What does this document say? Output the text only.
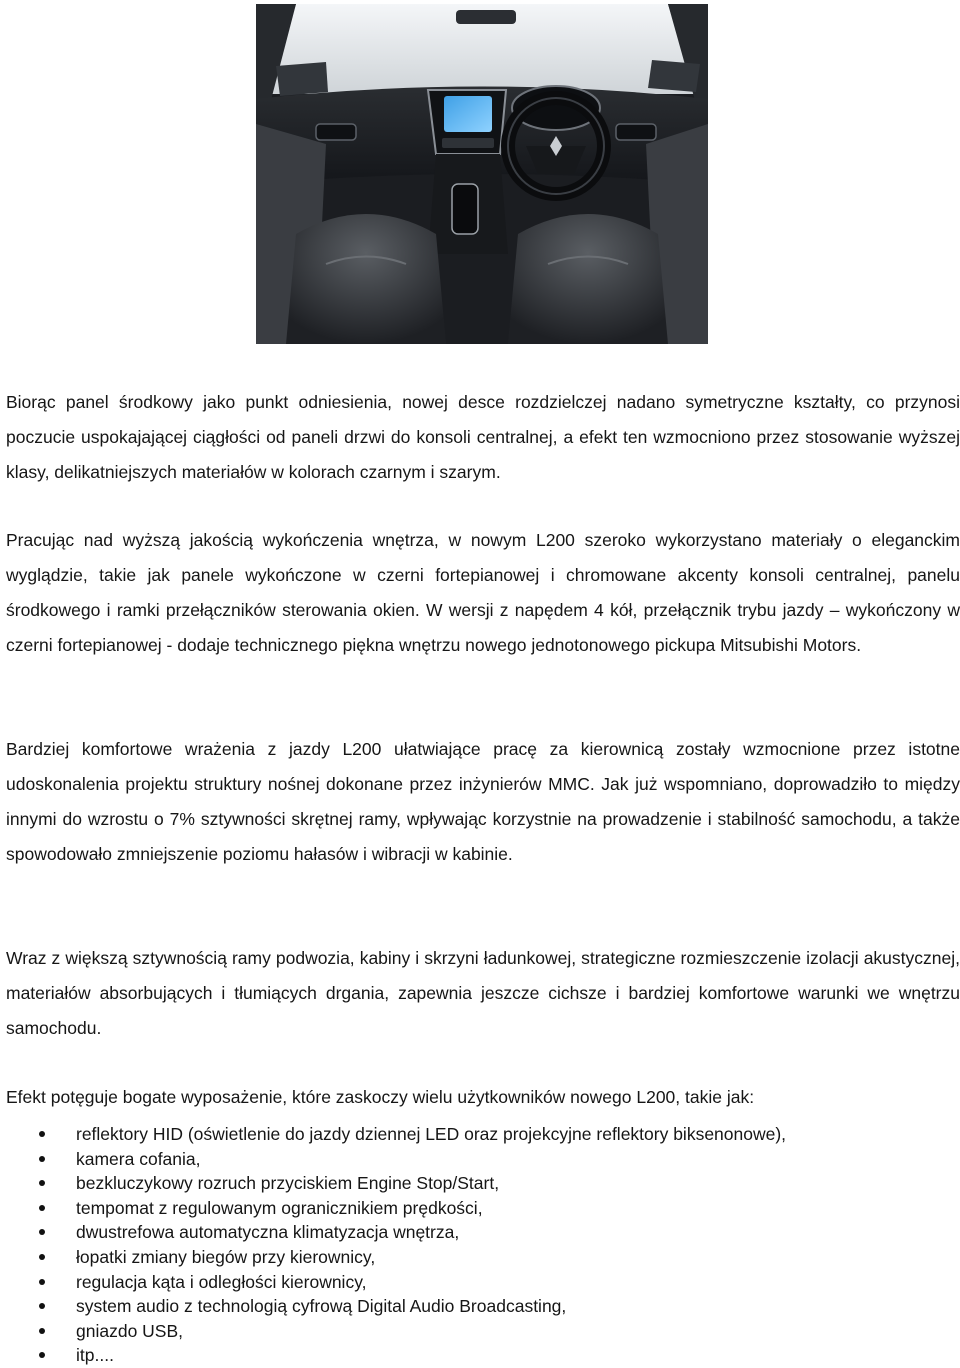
Biorąc panel środkowy jako punkt odniesienia, nowej desce rozdzielczej nadano symetryczne kształty, co przynosi poczucie uspokajającej ciągłości od paneli drzwi do konsoli centralnej, a efekt ten wzmocniono przez stosowanie wyższej klasy, delikatniejszych materiałów w kolorach czarnym i szarym.

Pracując nad wyższą jakością wykończenia wnętrza, w nowym L200 szeroko wykorzystano materiały o eleganckim wyglądzie, takie jak panele wykończone w czerni fortepianowej i chromowane akcenty konsoli centralnej, panelu środkowego i ramki przełączników sterowania okien. W wersji z napędem 4 kół, przełącznik trybu jazdy – wykończony w czerni fortepianowej - dodaje technicznego piękna wnętrzu nowego jednotonowego pickupa Mitsubishi Motors.

Bardziej komfortowe wrażenia z jazdy L200 ułatwiające pracę za kierownicą zostały wzmocnione przez istotne udoskonalenia projektu struktury nośnej dokonane przez inżynierów MMC. Jak już wspomniano, doprowadziło to między innymi do wzrostu o 7% sztywności skrętnej ramy, wpływając korzystnie na prowadzenie i stabilność samochodu, a także spowodowało zmniejszenie poziomu hałasów i wibracji w kabinie.

Wraz z większą sztywnością ramy podwozia, kabiny i skrzyni ładunkowej, strategiczne rozmieszczenie izolacji akustycznej, materiałów absorbujących i tłumiących drgania, zapewnia jeszcze cichsze i bardziej komfortowe warunki we wnętrzu samochodu.

Efekt potęguje bogate wyposażenie, które zaskoczy wielu użytkowników nowego L200, takie jak:

reflektory HID (oświetlenie do jazdy dziennej LED oraz projekcyjne reflektory biksenonowe),
kamera cofania,
bezkluczykowy rozruch przyciskiem Engine Stop/Start,
tempomat z regulowanym ogranicznikiem prędkości,
dwustrefowa automatyczna klimatyzacja wnętrza,
łopatki zmiany biegów przy kierownicy,
regulacja kąta i odległości kierownicy,
system audio z technologią cyfrową Digital Audio Broadcasting,
gniazdo USB,
itp....
